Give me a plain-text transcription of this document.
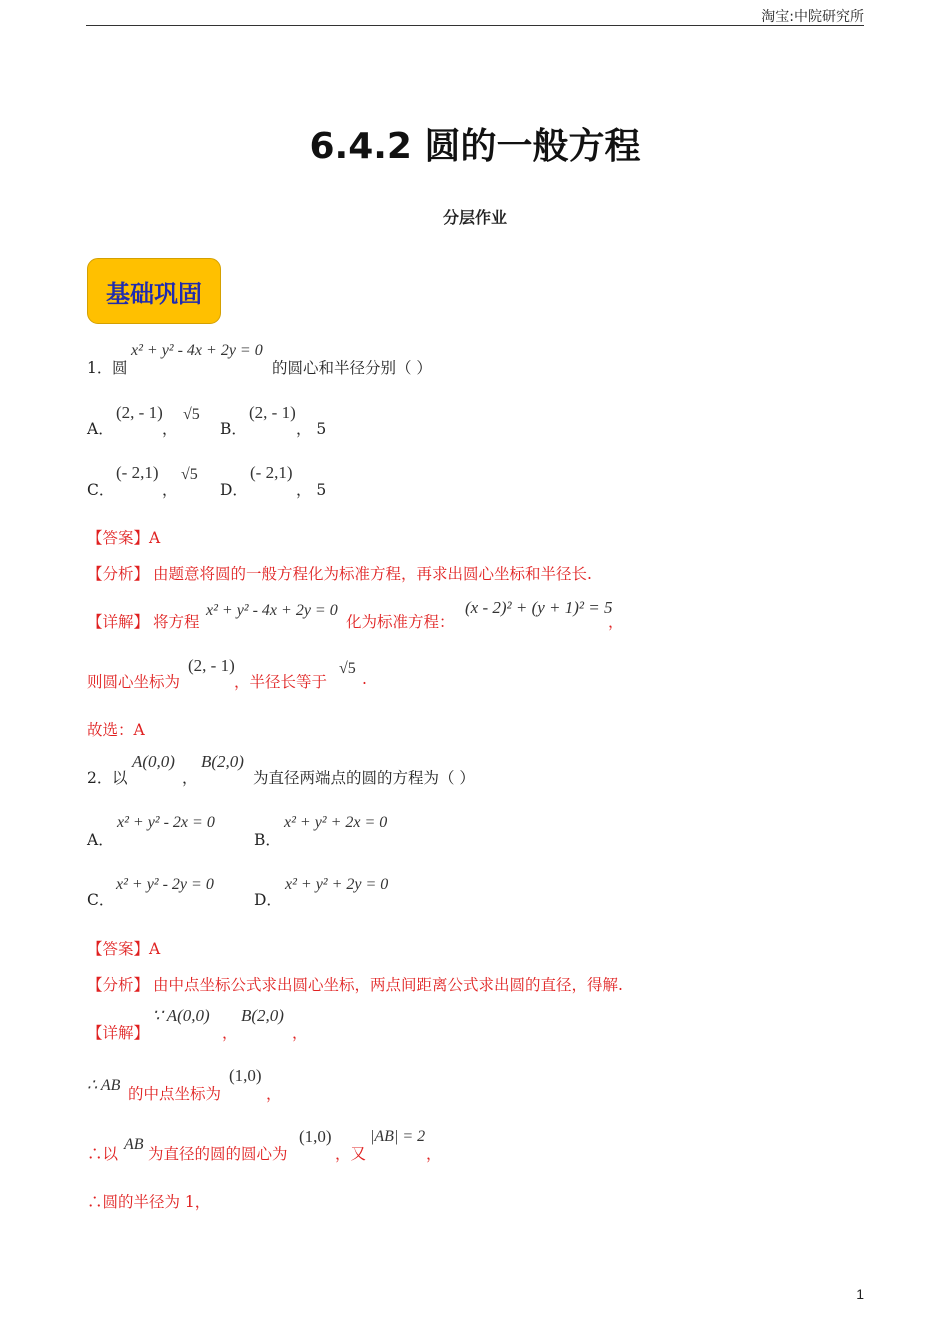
淘宝:中院研究所
6.4.2 圆的一般方程
分层作业
基础巩固
1． 圆
x² + y² - 4x + 2y = 0
的圆心和半径分别（ ）
A．
(2, - 1)
，
√5
B．
(2, - 1)
， 5
C．
(- 2,1)
，
√5
D．
(- 2,1)
， 5
【答案】A
【分析】 由题意将圆的一般方程化为标准方程，再求出圆心坐标和半径长.
【详解】 将方程
x² + y² - 4x + 2y = 0
化为标准方程：
(x - 2)² + (y + 1)² = 5
，
则圆心坐标为
(2, - 1)
，半径长等于
√5
.
故选：A
2． 以
A(0,0)
，
B(2,0)
为直径两端点的圆的方程为（ ）
A．
x² + y² - 2x = 0
B．
x² + y² + 2x = 0
C．
x² + y² - 2y = 0
D．
x² + y² + 2y = 0
【答案】A
【分析】 由中点坐标公式求出圆心坐标，两点间距离公式求出圆的直径，得解.
【详解】
∵ A(0,0)
，
B(2,0)
，
∴ AB 的中点坐标为
(1,0)
，
∴以
AB
为直径的圆的圆心为
(1,0)
，又
|AB| = 2
，
∴圆的半径为 1，
1
